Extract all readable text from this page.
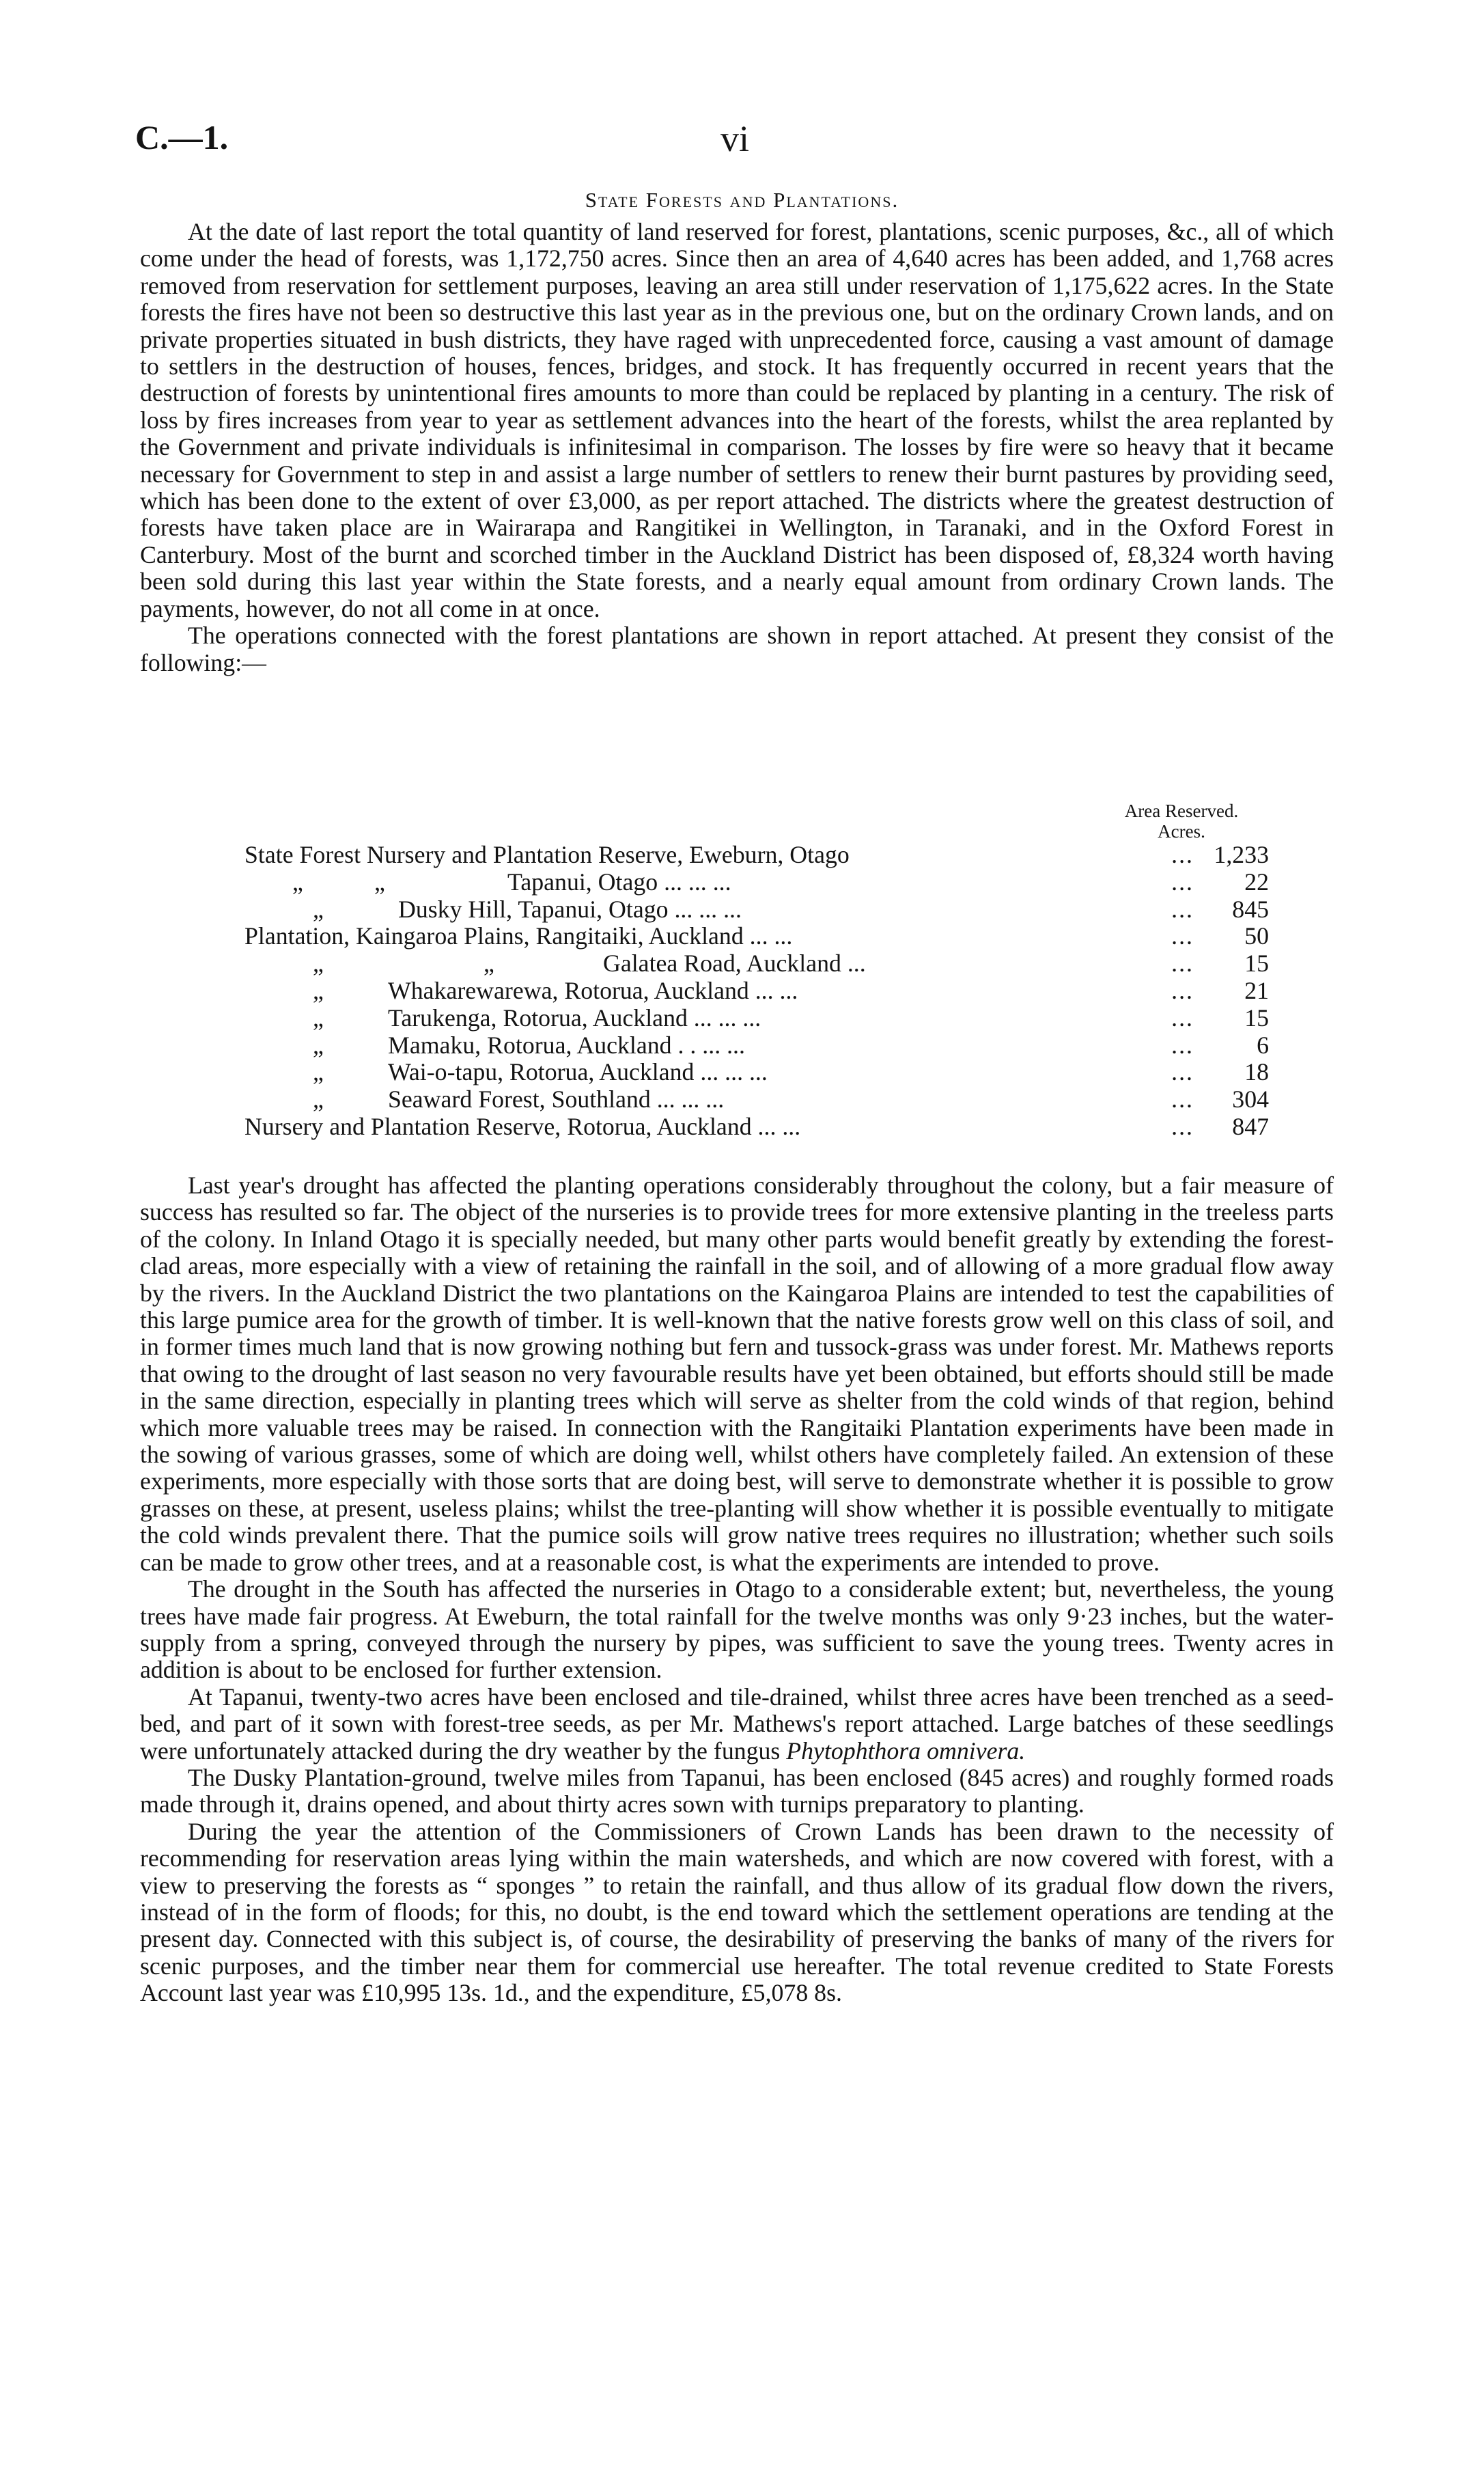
C.—1.	vi
State Forests and Plantations.

At the date of last report the total quantity of land reserved for forest, plantations, scenic purposes, &c., all of which come under the head of forests, was 1,172,750 acres. Since then an area of 4,640 acres has been added, and 1,768 acres removed from reservation for settlement purposes, leaving an area still under reservation of 1,175,622 acres. In the State forests the fires have not been so destructive this last year as in the previous one, but on the ordinary Crown lands, and on private properties situated in bush districts, they have raged with unprecedented force, causing a vast amount of damage to settlers in the destruction of houses, fences, bridges, and stock. It has frequently occurred in recent years that the destruction of forests by unintentional fires amounts to more than could be replaced by planting in a century. The risk of loss by fires increases from year to year as settlement advances into the heart of the forests, whilst the area replanted by the Government and private individuals is infinitesimal in comparison. The losses by fire were so heavy that it became necessary for Government to step in and assist a large number of settlers to renew their burnt pastures by providing seed, which has been done to the extent of over £3,000, as per report attached. The districts where the greatest destruction of forests have taken place are in Wairarapa and Rangitikei in Wellington, in Taranaki, and in the Oxford Forest in Canterbury. Most of the burnt and scorched timber in the Auckland District has been disposed of, £8,324 worth having been sold during this last year within the State forests, and a nearly equal amount from ordinary Crown lands. The payments, however, do not all come in at once.

The operations connected with the forest plantations are shown in report attached. At present they consist of the following:—

Area Reserved.
Acres.
State Forest Nursery and Plantation Reserve, Eweburn, Otago	... 1,233
„	„	Tapanui, Otago ... ... ...	...	22
„	Dusky Hill, Tapanui, Otago ... ... ...	...	845
Plantation, Kaingaroa Plains, Rangitaiki, Auckland ... ...	...	50
„	„	Galatea Road, Auckland ...	...	15
„	Whakarewarewa, Rotorua, Auckland ... ...	...	21
„	Tarukenga, Rotorua, Auckland ... ... ...	...	15
„	Mamaku, Rotorua, Auckland . . ... ...	...	6
„	Wai-o-tapu, Rotorua, Auckland ... ... ...	...	18
„	Seaward Forest, Southland ... ... ...	...	304
Nursery and Plantation Reserve, Rotorua, Auckland ... ...	...	847

Last year's drought has affected the planting operations considerably throughout the colony, but a fair measure of success has resulted so far. The object of the nurseries is to provide trees for more extensive planting in the treeless parts of the colony. In Inland Otago it is specially needed, but many other parts would benefit greatly by extending the forest-clad areas, more especially with a view of retaining the rainfall in the soil, and of allowing of a more gradual flow away by the rivers. In the Auckland District the two plantations on the Kaingaroa Plains are intended to test the capabilities of this large pumice area for the growth of timber. It is well-known that the native forests grow well on this class of soil, and in former times much land that is now growing nothing but fern and tussock-grass was under forest. Mr. Mathews reports that owing to the drought of last season no very favourable results have yet been obtained, but efforts should still be made in the same direction, especially in planting trees which will serve as shelter from the cold winds of that region, behind which more valuable trees may be raised. In connection with the Rangitaiki Plantation experiments have been made in the sowing of various grasses, some of which are doing well, whilst others have completely failed. An extension of these experiments, more especially with those sorts that are doing best, will serve to demonstrate whether it is possible to grow grasses on these, at present, useless plains; whilst the tree-planting will show whether it is possible eventually to mitigate the cold winds prevalent there. That the pumice soils will grow native trees requires no illustration; whether such soils can be made to grow other trees, and at a reasonable cost, is what the experiments are intended to prove.

The drought in the South has affected the nurseries in Otago to a considerable extent; but, nevertheless, the young trees have made fair progress. At Eweburn, the total rainfall for the twelve months was only 9·23 inches, but the water-supply from a spring, conveyed through the nursery by pipes, was sufficient to save the young trees. Twenty acres in addition is about to be enclosed for further extension.

At Tapanui, twenty-two acres have been enclosed and tile-drained, whilst three acres have been trenched as a seed-bed, and part of it sown with forest-tree seeds, as per Mr. Mathews's report attached. Large batches of these seedlings were unfortunately attacked during the dry weather by the fungus Phytophthora omnivera.

The Dusky Plantation-ground, twelve miles from Tapanui, has been enclosed (845 acres) and roughly formed roads made through it, drains opened, and about thirty acres sown with turnips preparatory to planting.

During the year the attention of the Commissioners of Crown Lands has been drawn to the necessity of recommending for reservation areas lying within the main watersheds, and which are now covered with forest, with a view to preserving the forests as “ sponges ” to retain the rainfall, and thus allow of its gradual flow down the rivers, instead of in the form of floods; for this, no doubt, is the end toward which the settlement operations are tending at the present day. Connected with this subject is, of course, the desirability of preserving the banks of many of the rivers for scenic purposes, and the timber near them for commercial use hereafter. The total revenue credited to State Forests Account last year was £10,995 13s. 1d., and the expenditure, £5,078 8s.
